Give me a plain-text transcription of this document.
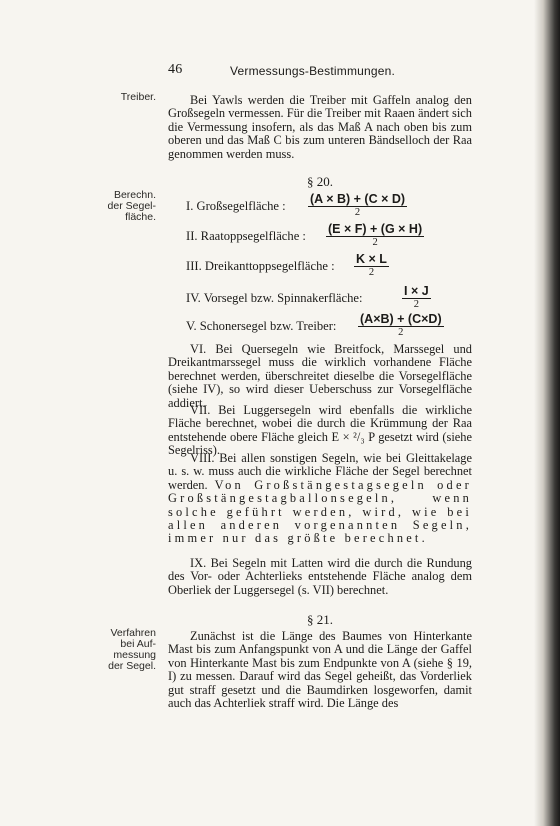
46	Vermessungs-Bestimmungen.
Treiber.
Berechn.
der Segel-
fläche.
Verfahren
bei Auf-
messung
der Segel.

Bei Yawls werden die Treiber mit Gaffeln analog den Großsegeln vermessen. Für die Treiber mit Raaen ändert sich die Vermessung insofern, als das Maß A nach oben bis zum oberen und das Maß C bis zum unteren Bändselloch der Raa genommen werden muss.

§ 20.
I. Großsegelfläche : (A × B) + (C × D)
2
II. Raatoppsegelfläche : (E × F) + (G × H)
2
III. Dreikanttoppsegelfläche : K × L
2
IV. Vorsegel bzw. Spinnakerfläche:	I × J
2
V. Schonersegel bzw. Treiber: (A×B) + (C×D)
2

VI. Bei Quersegeln wie Breitfock, Marssegel und Dreikantmarssegel muss die wirklich vorhandene Fläche berechnet werden, überschreitet dieselbe die Vorsegelfläche (siehe IV), so wird dieser Ueberschuss zur Vorsegelfläche addiert.

VII. Bei Luggersegeln wird ebenfalls die wirkliche Fläche berechnet, wobei die durch die Krümmung der Raa entstehende obere Fläche gleich E × ²/₃ P gesetzt wird (siehe Segelriss).

VIII. Bei allen sonstigen Segeln, wie bei Gleittakelage u. s. w. muss auch die wirkliche Fläche der Segel berechnet werden. Von Großstängestagsegeln oder Großstängestagballonsegeln, wenn solche geführt werden, wird, wie bei allen anderen vorgenannten Segeln, immer nur das größte berechnet.

IX. Bei Segeln mit Latten wird die durch die Rundung des Vor- oder Achterlieks entstehende Fläche analog dem Oberliek der Luggersegel (s. VII) berechnet.

§ 21.

Zunächst ist die Länge des Baumes von Hinterkante Mast bis zum Anfangspunkt von A und die Länge der Gaffel von Hinterkante Mast bis zum Endpunkte von A (siehe § 19, I) zu messen. Darauf wird das Segel geheißt, das Vorderliek gut straff gesetzt und die Baumdirken losgeworfen, damit auch das Achterliek straff wird. Die Länge des
